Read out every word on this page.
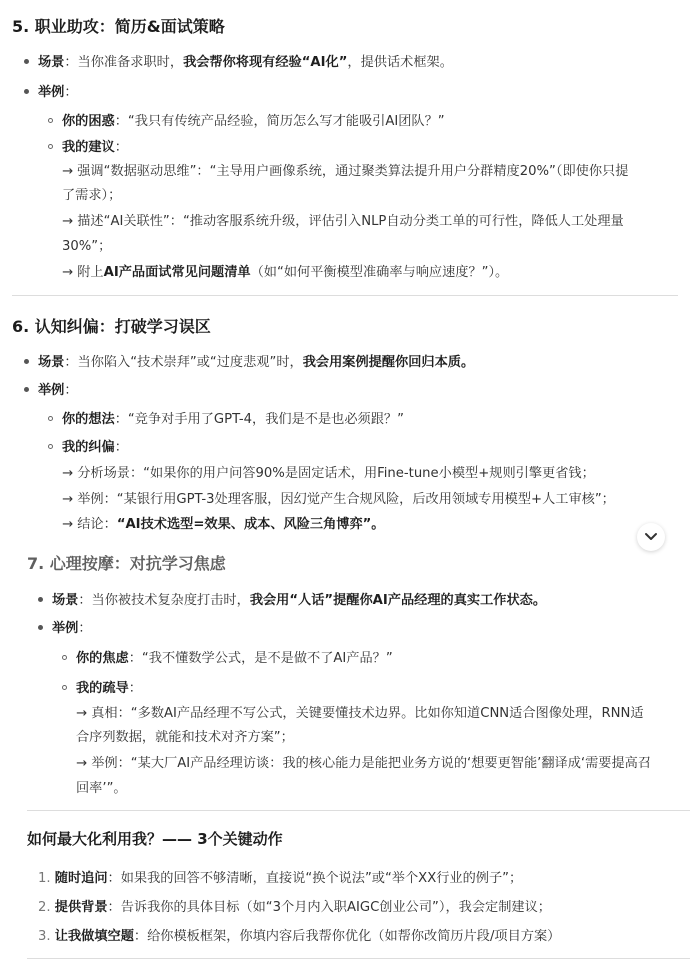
5. 职业助攻：简历&面试策略
场景：当你准备求职时，我会帮你将现有经验“AI化”，提供话术框架。
举例：
你的困惑：“我只有传统产品经验，简历怎么写才能吸引AI团队？”
我的建议：
→ 强调“数据驱动思维”：“主导用户画像系统，通过聚类算法提升用户分群精度20%”（即使你只提
了需求）；
→ 描述“AI关联性”：“推动客服系统升级，评估引入NLP自动分类工单的可行性，降低人工处理量
30%”；
→ 附上AI产品面试常见问题清单（如“如何平衡模型准确率与响应速度？”）。
6. 认知纠偏：打破学习误区
场景：当你陷入“技术崇拜”或“过度悲观”时，我会用案例提醒你回归本质。
举例：
你的想法：“竞争对手用了GPT-4，我们是不是也必须跟？”
我的纠偏：
→ 分析场景：“如果你的用户问答90%是固定话术，用Fine-tune小模型+规则引擎更省钱；
→ 举例：“某银行用GPT-3处理客服，因幻觉产生合规风险，后改用领域专用模型+人工审核”；
→ 结论：“AI技术选型=效果、成本、风险三角博弈”。
7. 心理按摩：对抗学习焦虑
场景：当你被技术复杂度打击时，我会用“人话”提醒你AI产品经理的真实工作状态。
举例：
你的焦虑：“我不懂数学公式，是不是做不了AI产品？”
我的疏导：
→ 真相：“多数AI产品经理不写公式，关键要懂技术边界。比如你知道CNN适合图像处理，RNN适
合序列数据，就能和技术对齐方案”；
→ 举例：“某大厂AI产品经理访谈：我的核心能力是能把业务方说的‘想要更智能’翻译成‘需要提高召
回率’”。
如何最大化利用我？—— 3个关键动作
1. 随时追问：如果我的回答不够清晰，直接说“换个说法”或“举个XX行业的例子”；
2. 提供背景：告诉我你的具体目标（如“3个月内入职AIGC创业公司”），我会定制建议；
3. 让我做填空题：给你模板框架，你填内容后我帮你优化（如帮你改简历片段/项目方案）
